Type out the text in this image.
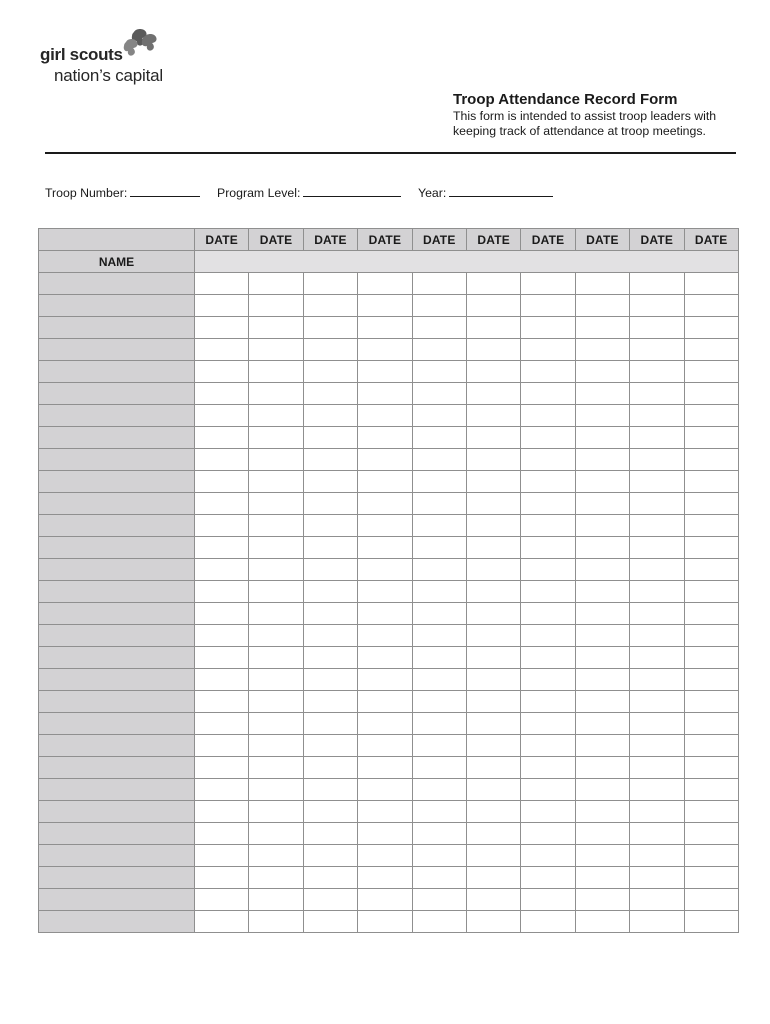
girl scouts
nation’s capital
Troop Attendance Record Form
This form is intended to assist troop leaders with keeping track of attendance at troop meetings.
Troop Number:	Program Level:	Year:
	DATE	DATE	DATE	DATE	DATE	DATE	DATE	DATE	DATE	DATE
NAME										
